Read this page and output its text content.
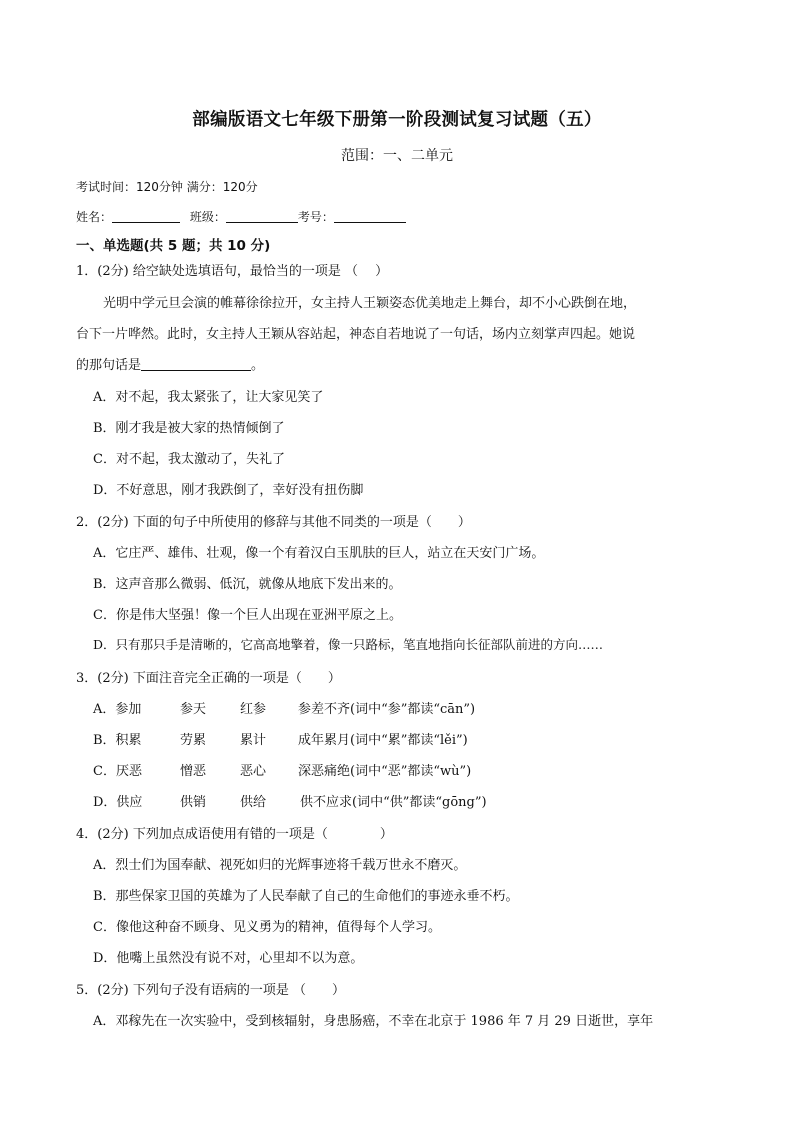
部编版语文七年级下册第一阶段测试复习试题（五）
范围：一、二单元
考试时间：120分钟 满分：120分
姓名：	班级：	考号：
一、单选题(共 5 题；共 10 分)
1．(2分) 给空缺处选填语句，最恰当的一项是 （　 ）
光明中学元旦会演的帷幕徐徐拉开，女主持人王颖姿态优美地走上舞台，却不小心跌倒在地，
台下一片哗然。此时，女主持人王颖从容站起，神态自若地说了一句话，场内立刻掌声四起。她说
的那句话是	。
A．对不起，我太紧张了，让大家见笑了
B．刚才我是被大家的热情倾倒了
C．对不起，我太激动了，失礼了
D．不好意思，刚才我跌倒了，幸好没有扭伤脚
2．(2分) 下面的句子中所使用的修辞与其他不同类的一项是（　　）
A．它庄严、雄伟、壮观，像一个有着汉白玉肌肤的巨人，站立在天安门广场。
B．这声音那么微弱、低沉，就像从地底下发出来的。
C．你是伟大坚强！像一个巨人出现在亚洲平原之上。
D．只有那只手是清晰的，它高高地擎着，像一只路标，笔直地指向长征部队前进的方向……
3．(2分) 下面注音完全正确的一项是（　　）
A．参加	参天	红参 参差不齐(词中“参”都读“cān”)
B．积累	劳累	累计 成年累月(词中“累”都读“lěi”)
C．厌恶	憎恶	恶心 深恶痛绝(词中“恶”都读“wù”)
D．供应	供销	供给	供不应求(词中“供”都读“gōng”)
4．(2分) 下列加点成语使用有错的一项是（　　　　）
A．烈士们为国奉献、视死如归的光辉事迹将千载万世永不磨灭。
B．那些保家卫国的英雄为了人民奉献了自己的生命他们的事迹永垂不朽。
C．像他这种奋不顾身、见义勇为的精神，值得每个人学习。
D．他嘴上虽然没有说不对，心里却不以为意。
5．(2分) 下列句子没有语病的一项是 （　　）
A．邓稼先在一次实验中，受到核辐射，身患肠癌，不幸在北京于 1986 年 7 月 29 日逝世，享年
